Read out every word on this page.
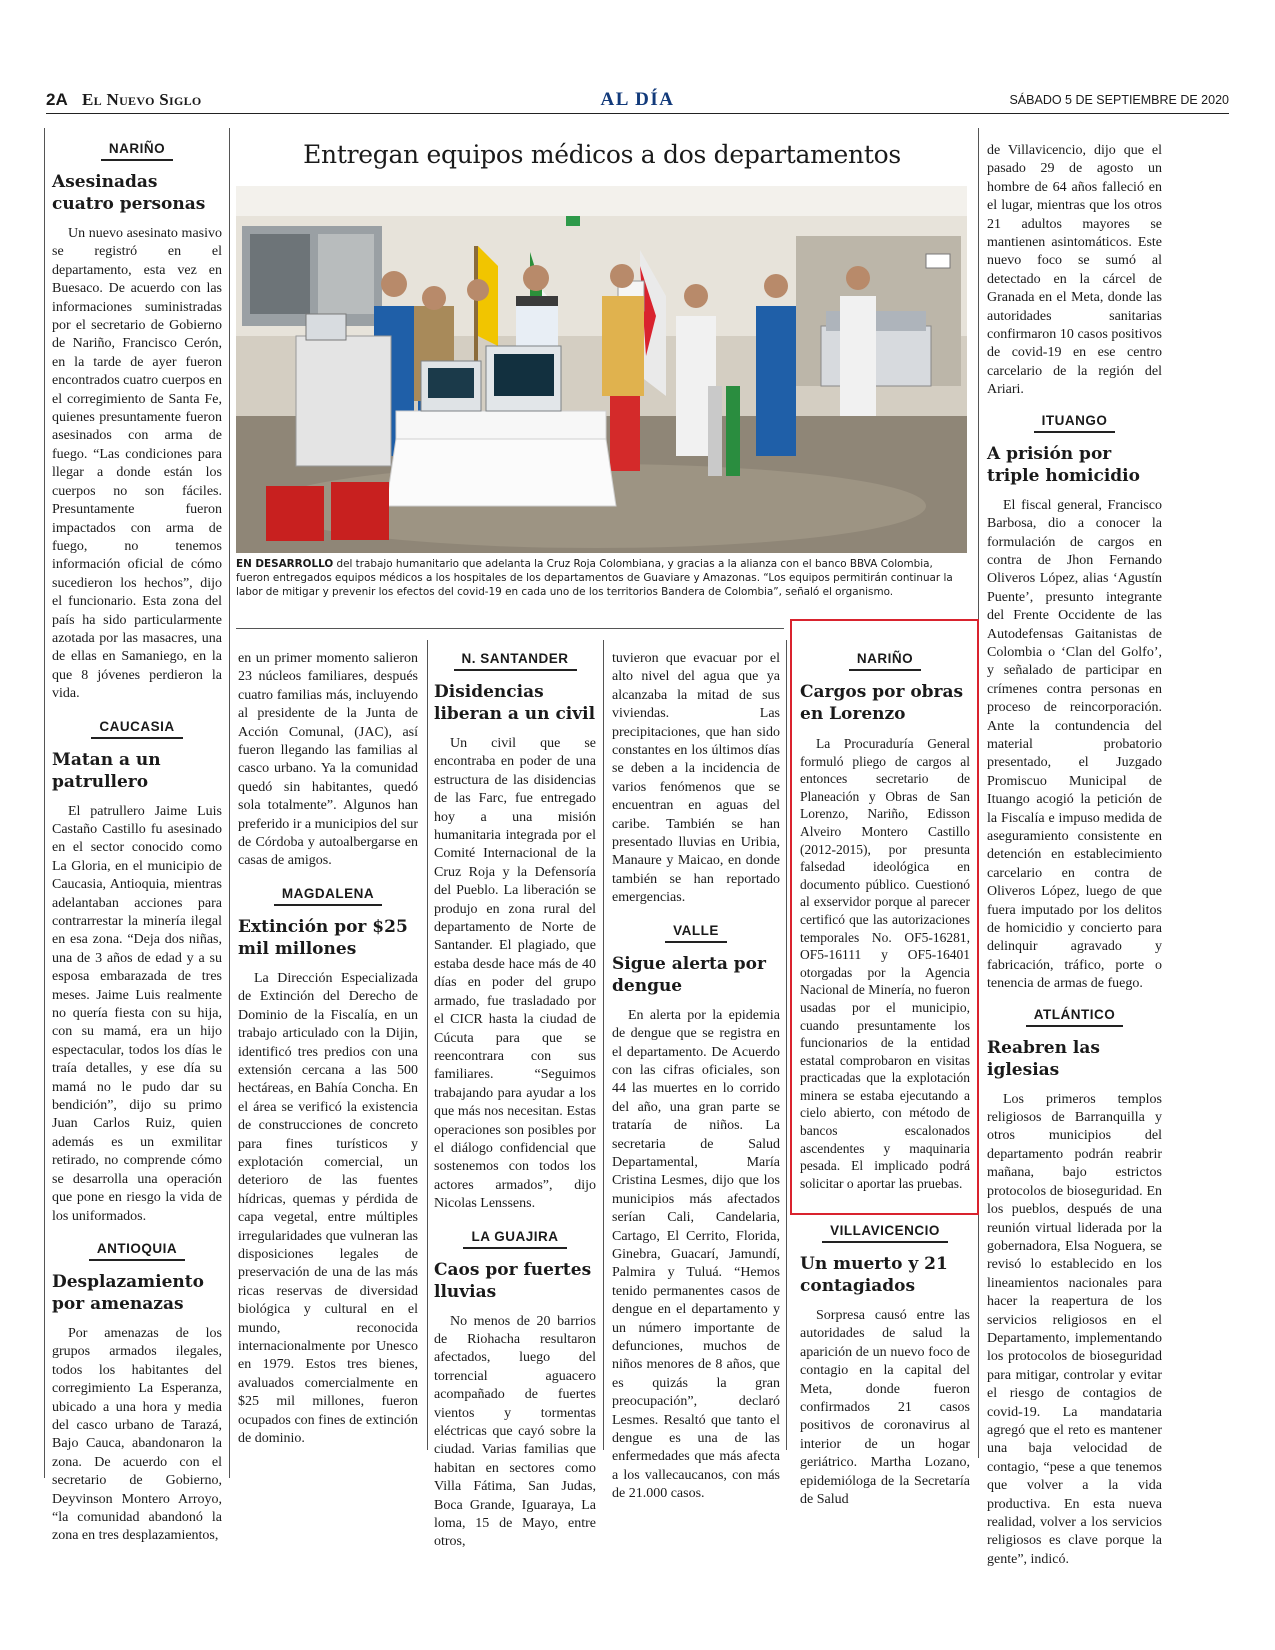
2A El Nuevo Siglo	AL DÍA	SÁBADO 5 DE SEPTIEMBRE DE 2020
Entregan equipos médicos a dos departamentos
EN DESARROLLO del trabajo humanitario que adelanta la Cruz Roja Colombiana, y gracias a la alianza con el banco BBVA Colombia, fueron entregados equipos médicos a los hospitales de los departamentos de Guaviare y Amazonas. “Los equipos permitirán continuar la labor de mitigar y prevenir los efectos del covid-19 en cada uno de los territorios Bandera de Colombia”, señaló el organismo.
NARIÑO
Asesinadas cuatro personas

Un nuevo asesinato masivo se registró en el departamento, esta vez en Buesaco. De acuerdo con las informaciones suministradas por el secretario de Gobierno de Nariño, Francisco Cerón, en la tarde de ayer fueron encontrados cuatro cuerpos en el corregimiento de Santa Fe, quienes presuntamente fueron asesinados con arma de fuego. “Las condiciones para llegar a donde están los cuerpos no son fáciles. Presuntamente fueron impactados con arma de fuego, no tenemos información oficial de cómo sucedieron los hechos”, dijo el funcionario. Esta zona del país ha sido particularmente azotada por las masacres, una de ellas en Samaniego, en la que 8 jóvenes perdieron la vida.

CAUCASIA
Matan a un patrullero

El patrullero Jaime Luis Castaño Castillo fu asesinado en el sector conocido como La Gloria, en el municipio de Caucasia, Antioquia, mientras adelantaban acciones para contrarrestar la minería ilegal en esa zona. “Deja dos niñas, una de 3 años de edad y a su esposa embarazada de tres meses. Jaime Luis realmente no quería fiesta con su hija, con su mamá, era un hijo espectacular, todos los días le traía detalles, y ese día su mamá no le pudo dar su bendición”, dijo su primo Juan Carlos Ruiz, quien además es un exmilitar retirado, no comprende cómo se desarrolla una operación que pone en riesgo la vida de los uniformados.

ANTIOQUIA
Desplazamiento por amenazas

Por amenazas de los grupos armados ilegales, todos los habitantes del corregimiento La Esperanza, ubicado a una hora y media del casco urbano de Tarazá, Bajo Cauca, abandonaron la zona. De acuerdo con el secretario de Gobierno, Deyvinson Montero Arroyo, “la comunidad abandonó la zona en tres desplazamientos,

en un primer momento salieron 23 núcleos familiares, después cuatro familias más, incluyendo al presidente de la Junta de Acción Comunal, (JAC), así fueron llegando las familias al casco urbano. Ya la comunidad quedó sin habitantes, quedó sola totalmente”. Algunos han preferido ir a municipios del sur de Córdoba y autoalbergarse en casas de amigos.

MAGDALENA
Extinción por $25 mil millones

La Dirección Especializada de Extinción del Derecho de Dominio de la Fiscalía, en un trabajo articulado con la Dijin, identificó tres predios con una extensión cercana a las 500 hectáreas, en Bahía Concha. En el área se verificó la existencia de construcciones de concreto para fines turísticos y explotación comercial, un deterioro de las fuentes hídricas, quemas y pérdida de capa vegetal, entre múltiples irregularidades que vulneran las disposiciones legales de preservación de una de las más ricas reservas de diversidad biológica y cultural en el mundo, reconocida internacionalmente por Unesco en 1979. Estos tres bienes, avaluados comercialmente en $25 mil millones, fueron ocupados con fines de extinción de dominio.

N. SANTANDER
Disidencias liberan a un civil

Un civil que se encontraba en poder de una estructura de las disidencias de las Farc, fue entregado hoy a una misión humanitaria integrada por el Comité Internacional de la Cruz Roja y la Defensoría del Pueblo. La liberación se produjo en zona rural del departamento de Norte de Santander. El plagiado, que estaba desde hace más de 40 días en poder del grupo armado, fue trasladado por el CICR hasta la ciudad de Cúcuta para que se reencontrara con sus familiares. “Seguimos trabajando para ayudar a los que más nos necesitan. Estas operaciones son posibles por el diálogo confidencial que sostenemos con todos los actores armados”, dijo Nicolas Lenssens.

LA GUAJIRA
Caos por fuertes lluvias

No menos de 20 barrios de Riohacha resultaron afectados, luego del torrencial aguacero acompañado de fuertes vientos y tormentas eléctricas que cayó sobre la ciudad. Varias familias que habitan en sectores como Villa Fátima, San Judas, Boca Grande, Iguaraya, La loma, 15 de Mayo, entre otros,

tuvieron que evacuar por el alto nivel del agua que ya alcanzaba la mitad de sus viviendas. Las precipitaciones, que han sido constantes en los últimos días se deben a la incidencia de varios fenómenos que se encuentran en aguas del caribe. También se han presentado lluvias en Uribia, Manaure y Maicao, en donde también se han reportado emergencias.

VALLE
Sigue alerta por dengue

En alerta por la epidemia de dengue que se registra en el departamento. De Acuerdo con las cifras oficiales, son 44 las muertes en lo corrido del año, una gran parte se trataría de niños. La secretaria de Salud Departamental, María Cristina Lesmes, dijo que los municipios más afectados serían Cali, Candelaria, Cartago, El Cerrito, Florida, Ginebra, Guacarí, Jamundí, Palmira y Tuluá. “Hemos tenido permanentes casos de dengue en el departamento y un número importante de defunciones, muchos de niños menores de 8 años, que es quizás la gran preocupación”, declaró Lesmes. Resaltó que tanto el dengue es una de las enfermedades que más afecta a los vallecaucanos, con más de 21.000 casos.

NARIÑO
Cargos por obras en Lorenzo

La Procuraduría General formuló pliego de cargos al entonces secretario de Planeación y Obras de San Lorenzo, Nariño, Edisson Alveiro Montero Castillo (2012-2015), por presunta falsedad ideológica en documento público. Cuestionó al exservidor porque al parecer certificó que las autorizaciones temporales No. OF5-16281, OF5-16111 y OF5-16401 otorgadas por la Agencia Nacional de Minería, no fueron usadas por el municipio, cuando presuntamente los funcionarios de la entidad estatal comprobaron en visitas practicadas que la explotación minera se estaba ejecutando a cielo abierto, con método de bancos escalonados ascendentes y maquinaria pesada. El implicado podrá solicitar o aportar las pruebas.

VILLAVICENCIO
Un muerto y 21 contagiados

Sorpresa causó entre las autoridades de salud la aparición de un nuevo foco de contagio en la capital del Meta, donde fueron confirmados 21 casos positivos de coronavirus al interior de un hogar geriátrico. Martha Lozano, epidemióloga de la Secretaría de Salud

de Villavicencio, dijo que el pasado 29 de agosto un hombre de 64 años falleció en el lugar, mientras que los otros 21 adultos mayores se mantienen asintomáticos. Este nuevo foco se sumó al detectado en la cárcel de Granada en el Meta, donde las autoridades sanitarias confirmaron 10 casos positivos de covid-19 en ese centro carcelario de la región del Ariari.

ITUANGO
A prisión por triple homicidio

El fiscal general, Francisco Barbosa, dio a conocer la formulación de cargos en contra de Jhon Fernando Oliveros López, alias ‘Agustín Puente’, presunto integrante del Frente Occidente de las Autodefensas Gaitanistas de Colombia o ‘Clan del Golfo’, y señalado de participar en crímenes contra personas en proceso de reincorporación. Ante la contundencia del material probatorio presentado, el Juzgado Promiscuo Municipal de Ituango acogió la petición de la Fiscalía e impuso medida de aseguramiento consistente en detención en establecimiento carcelario en contra de Oliveros López, luego de que fuera imputado por los delitos de homicidio y concierto para delinquir agravado y fabricación, tráfico, porte o tenencia de armas de fuego.

ATLÁNTICO
Reabren las iglesias

Los primeros templos religiosos de Barranquilla y otros municipios del departamento podrán reabrir mañana, bajo estrictos protocolos de bioseguridad. En los pueblos, después de una reunión virtual liderada por la gobernadora, Elsa Noguera, se revisó lo establecido en los lineamientos nacionales para hacer la reapertura de los servicios religiosos en el Departamento, implementando los protocolos de bioseguridad para mitigar, controlar y evitar el riesgo de contagios de covid-19. La mandataria agregó que el reto es mantener una baja velocidad de contagio, “pese a que tenemos que volver a la vida productiva. En esta nueva realidad, volver a los servicios religiosos es clave porque la gente”, indicó.
